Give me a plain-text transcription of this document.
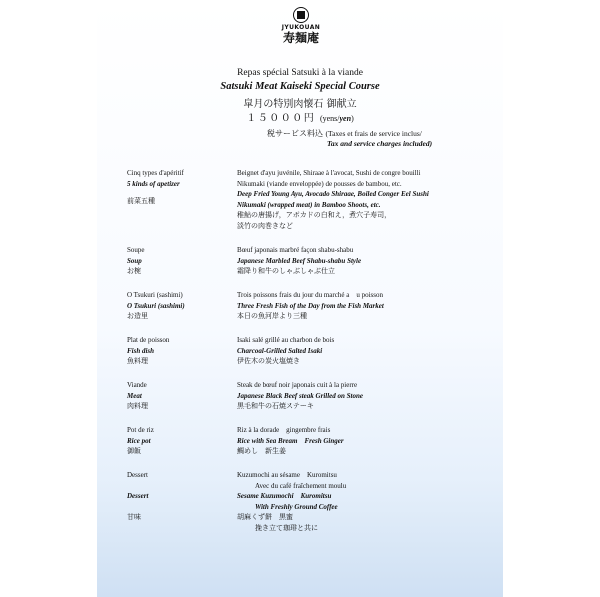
JYUKOUAN
寿麺庵
Repas spécial Satsuki à la viande
Satsuki Meat Kaiseki Special Course
皐月の特別肉懐石 御献立
１５０００円 (yens/yen)
税サービス料込 (Taxes et frais de service inclus/
Tax and service charges included)
Cinq types d'apéritif
5 kinds of apetizer
前菜五種
Beignet d'ayu juvénile, Shiraae à l'avocat, Sushi de congre bouilli
Nikumaki (viande enveloppée) de pousses de bambou, etc.
Deep Fried Young Ayu, Avocado Shiraae, Boiled Conger Eel Sushi
Nikumaki (wrapped meat) in Bamboo Shoots, etc.
稚鮎の唐揚げ，アボカドの白和え，煮穴子寿司，
淡竹の肉巻きなど
Soupe
Soup
お椀
Bœuf japonais marbré façon shabu-shabu
Japanese Marbled Beef Shabu-shabu Style
霜降り和牛のしゃぶしゃぶ仕立
O Tsukuri (sashimi)
O Tsukuri (sashimi)
お造里
Trois poissons frais du jour du marché a    u poisson
Three Fresh Fish of the Day from the Fish Market
本日の魚河岸より三種
Plat de poisson
Fish dish
魚料理
Isaki salé grillé au charbon de bois
Charcoal-Grilled Salted Isaki
伊佐木の炭火塩焼き
Viande
Meat
肉料理
Steak de bœuf noir japonais cuit à la pierre
Japanese Black Beef steak Grilled on Stone
黒毛和牛の石焼ステーキ
Pot de riz
Rice pot
御飯
Riz à la dorade    gingembre frais
Rice with Sea Bream    Fresh Ginger
鯛めし　新生姜
Dessert
Dessert
甘味
Kuzumochi au sésame    Kuromitsu
Avec du café fraîchement moulu
Sesame Kuzumochi    Kuromitsu
With Freshly Ground Coffee
胡麻くず餅　黒蜜
挽き立て珈琲と共に
